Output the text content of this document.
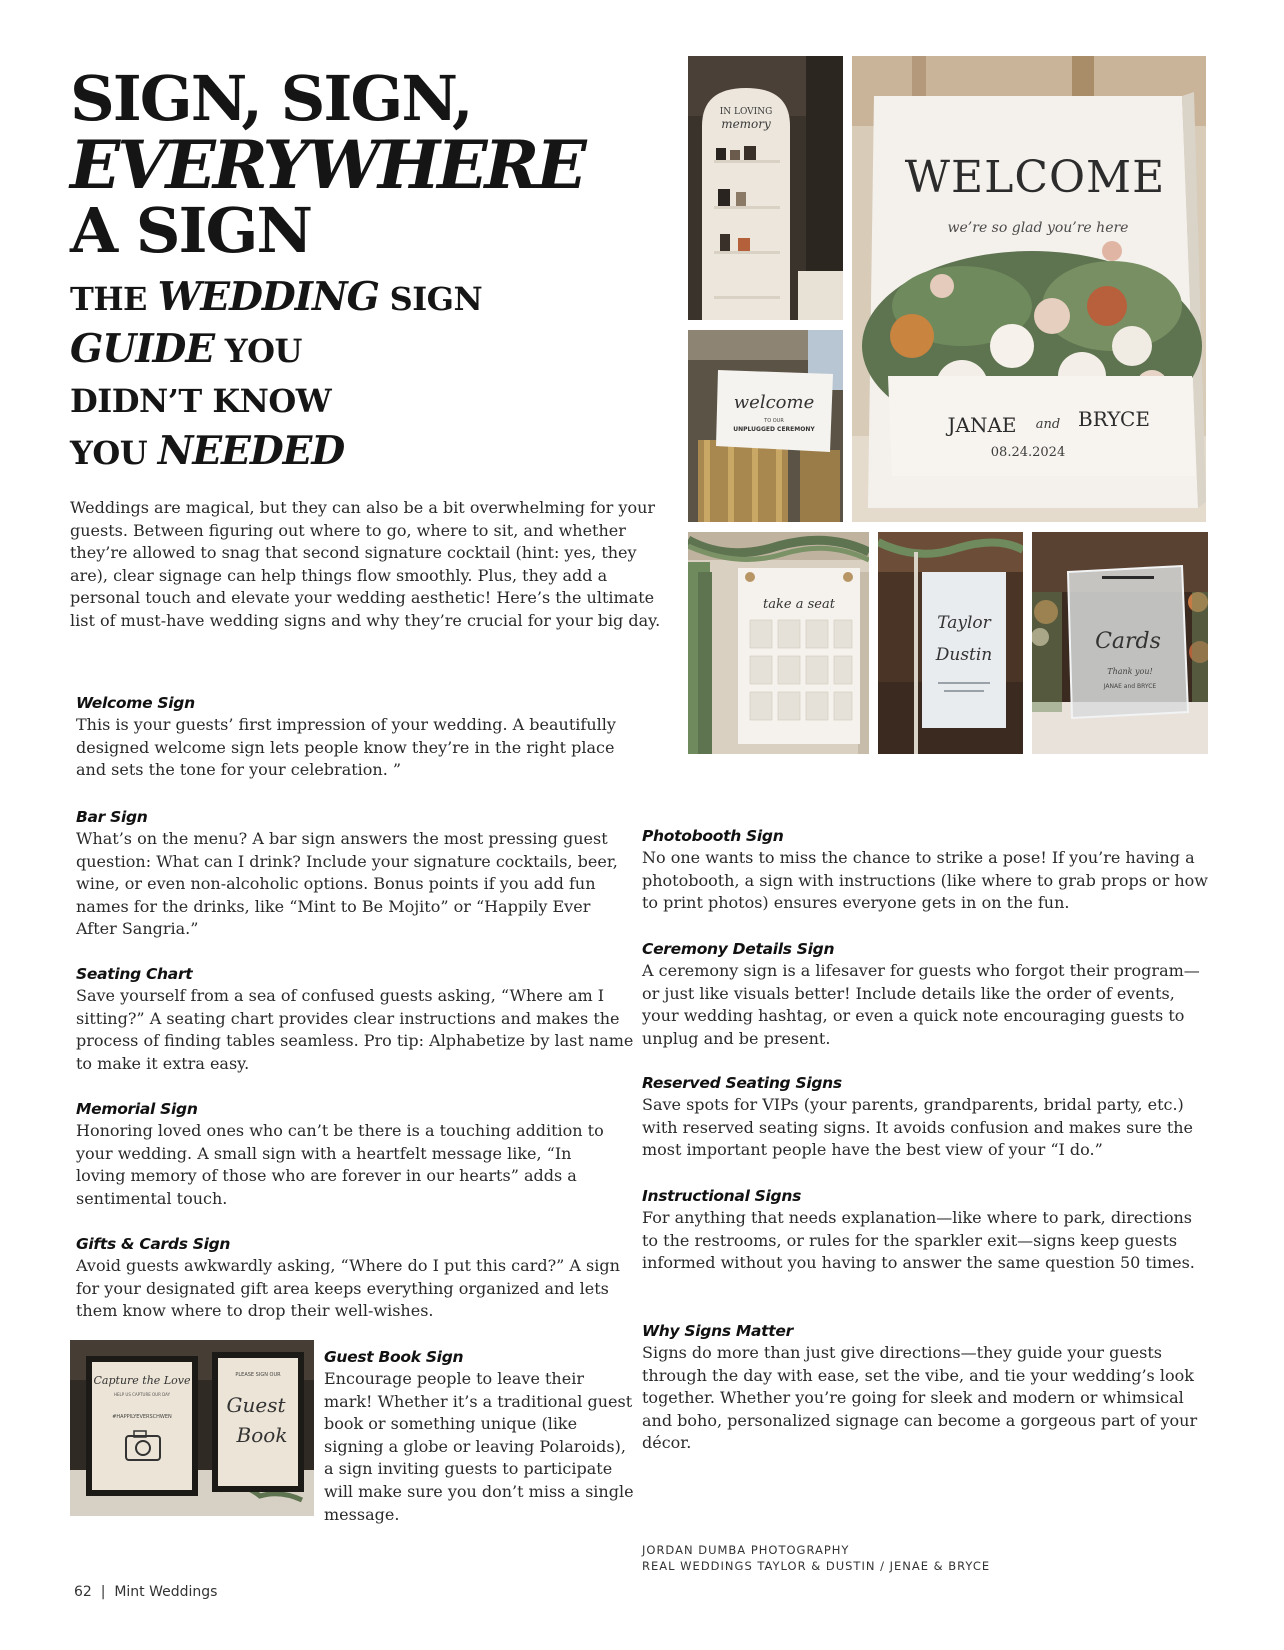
SIGN, SIGN,
EVERYWHERE
A SIGN
THE WEDDING SIGN
GUIDE YOU
DIDN’T KNOW
YOU NEEDED

Weddings are magical, but they can also be a bit overwhelming for your guests. Between figuring out where to go, where to sit, and whether they’re allowed to snag that second signature cocktail (hint: yes, they are), clear signage can help things flow smoothly. Plus, they add a personal touch and elevate your wedding aesthetic! Here’s the ultimate list of must-have wedding signs and why they’re crucial for your big day.

Welcome Sign
This is your guests’ first impression of your wedding. A beautifully designed welcome sign lets people know they’re in the right place and sets the tone for your celebration. ”
Bar Sign
What’s on the menu? A bar sign answers the most pressing guest question: What can I drink? Include your signature cocktails, beer, wine, or even non-alcoholic options. Bonus points if you add fun names for the drinks, like “Mint to Be Mojito” or “Happily Ever After Sangria.”
Seating Chart
Save yourself from a sea of confused guests asking, “Where am I sitting?” A seating chart provides clear instructions and makes the process of finding tables seamless. Pro tip: Alphabetize by last name to make it extra easy.
Memorial Sign
Honoring loved ones who can’t be there is a touching addition to your wedding. A small sign with a heartfelt message like, “In loving memory of those who are forever in our hearts” adds a sentimental touch.
Gifts & Cards Sign
Avoid guests awkwardly asking, “Where do I put this card?” A sign for your designated gift area keeps everything organized and lets them know where to drop their well-wishes.
Guest Book Sign
Encourage people to leave their mark! Whether it’s a traditional guest book or something unique (like signing a globe or leaving Polaroids), a sign inviting guests to participate will make sure you don’t miss a single message.
Photobooth Sign
No one wants to miss the chance to strike a pose! If you’re having a photobooth, a sign with instructions (like where to grab props or how to print photos) ensures everyone gets in on the fun.
Ceremony Details Sign
A ceremony sign is a lifesaver for guests who forgot their program—or just like visuals better! Include details like the order of events, your wedding hashtag, or even a quick note encouraging guests to unplug and be present.
Reserved Seating Signs
Save spots for VIPs (your parents, grandparents, bridal party, etc.) with reserved seating signs. It avoids confusion and makes sure the most important people have the best view of your “I do.”
Instructional Signs
For anything that needs explanation—like where to park, directions to the restrooms, or rules for the sparkler exit—signs keep guests informed without you having to answer the same question 50 times.
Why Signs Matter
Signs do more than just give directions—they guide your guests through the day with ease, set the vibe, and tie your wedding’s look together. Whether you’re going for sleek and modern or whimsical and boho, personalized signage can become a gorgeous part of your décor.
IN LOVING
memory
WELCOME
we’re so glad you’re here
JANAE and BRYCE
08.24.2024
welcome
TO OUR
UNPLUGGED CEREMONY
take a seat
Taylor
Dustin
Cards
Thank you!
JANAE and BRYCE
Capture the Love
HELP US CAPTURE OUR DAY
#HAPPILYEVERSCHWEN
PLEASE SIGN OUR
Guest
Book
JORDAN DUMBA PHOTOGRAPHY
REAL WEDDINGS TAYLOR & DUSTIN / JENAE & BRYCE
62  |  Mint Weddings
